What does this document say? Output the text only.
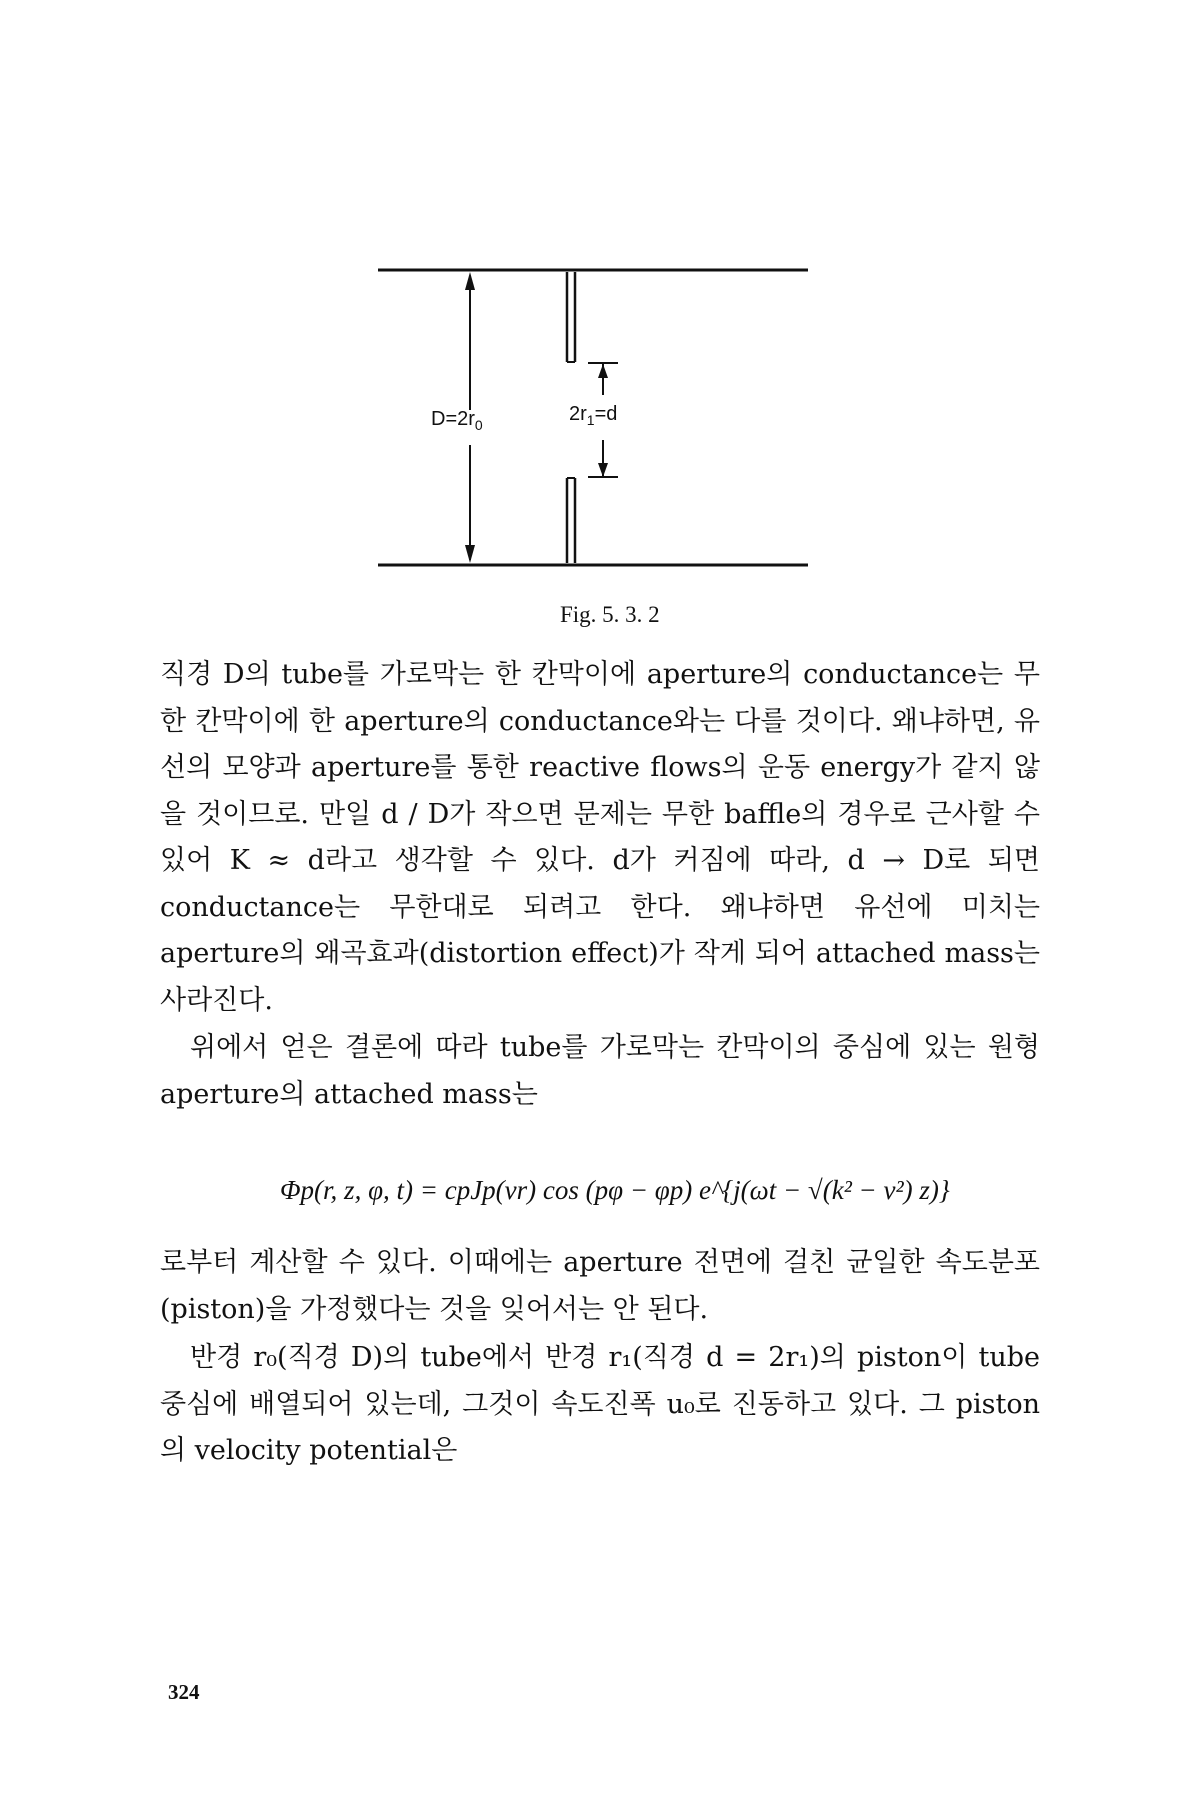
$D=2r_0$	$2r_1=d$
Fig. 5. 3. 2

직경 D의 tube를 가로막는 한 칸막이에 aperture의 conductance는 무한 칸막이에 한 aperture의 conductance와는 다를 것이다. 왜냐하면, 유선의 모양과 aperture를 통한 reactive flows의 운동 energy가 같지 않을 것이므로. 만일 d / D가 작으면 문제는 무한 baffle의 경우로 근사할 수 있어 K ≈ d라고 생각할 수 있다. d가 커짐에 따라, d → D로 되면 conductance는 무한대로 되려고 한다. 왜냐하면 유선에 미치는 aperture의 왜곡효과(distortion effect)가 작게 되어 attached mass는 사라진다.

위에서 얻은 결론에 따라 tube를 가로막는 칸막이의 중심에 있는 원형 aperture의 attached mass는

Φp(r, z, φ, t) = cpJp(νr) cos (pφ − φp) e^{j(ωt − √(k² − ν²) z)}

로부터 계산할 수 있다. 이때에는 aperture 전면에 걸친 균일한 속도분포(piston)을 가정했다는 것을 잊어서는 안 된다.

반경 r₀(직경 D)의 tube에서 반경 r₁(직경 d = 2r₁)의 piston이 tube 중심에 배열되어 있는데, 그것이 속도진폭 u₀로 진동하고 있다. 그 piston의 velocity potential은

324
